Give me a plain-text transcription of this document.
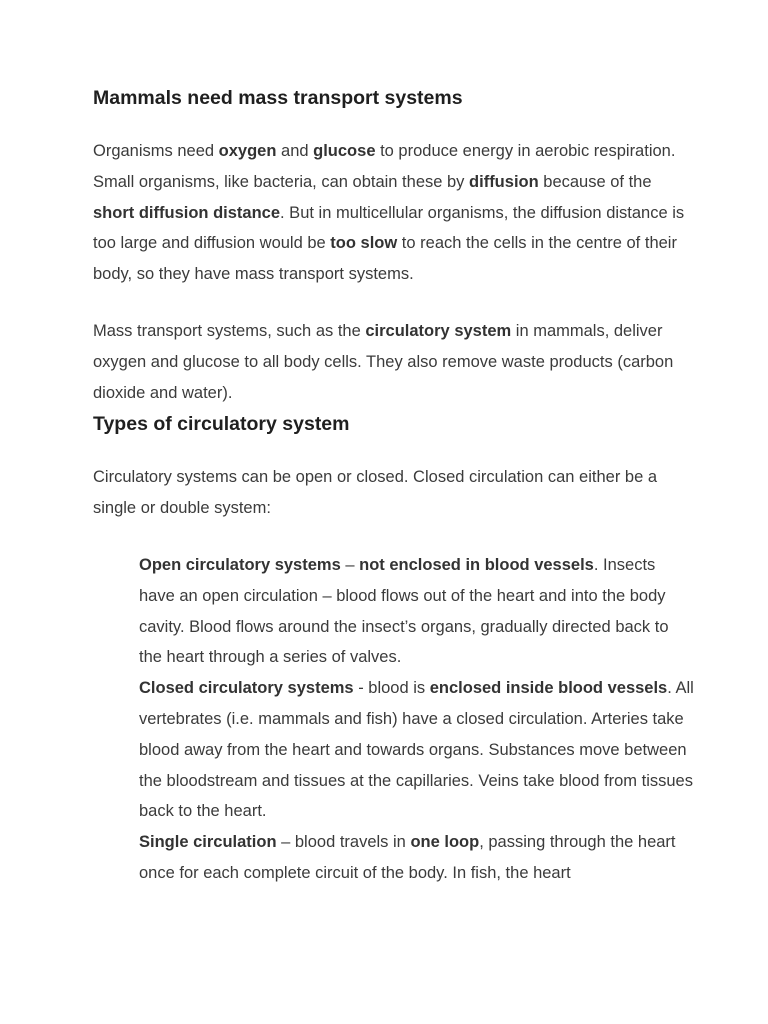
Mammals need mass transport systems

Organisms need oxygen and glucose to produce energy in aerobic respiration. Small organisms, like bacteria, can obtain these by diffusion because of the short diffusion distance. But in multicellular organisms, the diffusion distance is too large and diffusion would be too slow to reach the cells in the centre of their body, so they have mass transport systems.

Mass transport systems, such as the circulatory system in mammals, deliver oxygen and glucose to all body cells. They also remove waste products (carbon dioxide and water).

Types of circulatory system

Circulatory systems can be open or closed. Closed circulation can either be a single or double system:

Open circulatory systems – not enclosed in blood vessels. Insects have an open circulation – blood flows out of the heart and into the body cavity. Blood flows around the insect’s organs, gradually directed back to the heart through a series of valves.

Closed circulatory systems - blood is enclosed inside blood vessels. All vertebrates (i.e. mammals and fish) have a closed circulation. Arteries take blood away from the heart and towards organs. Substances move between the bloodstream and tissues at the capillaries. Veins take blood from tissues back to the heart.

Single circulation – blood travels in one loop, passing through the heart once for each complete circuit of the body. In fish, the heart
